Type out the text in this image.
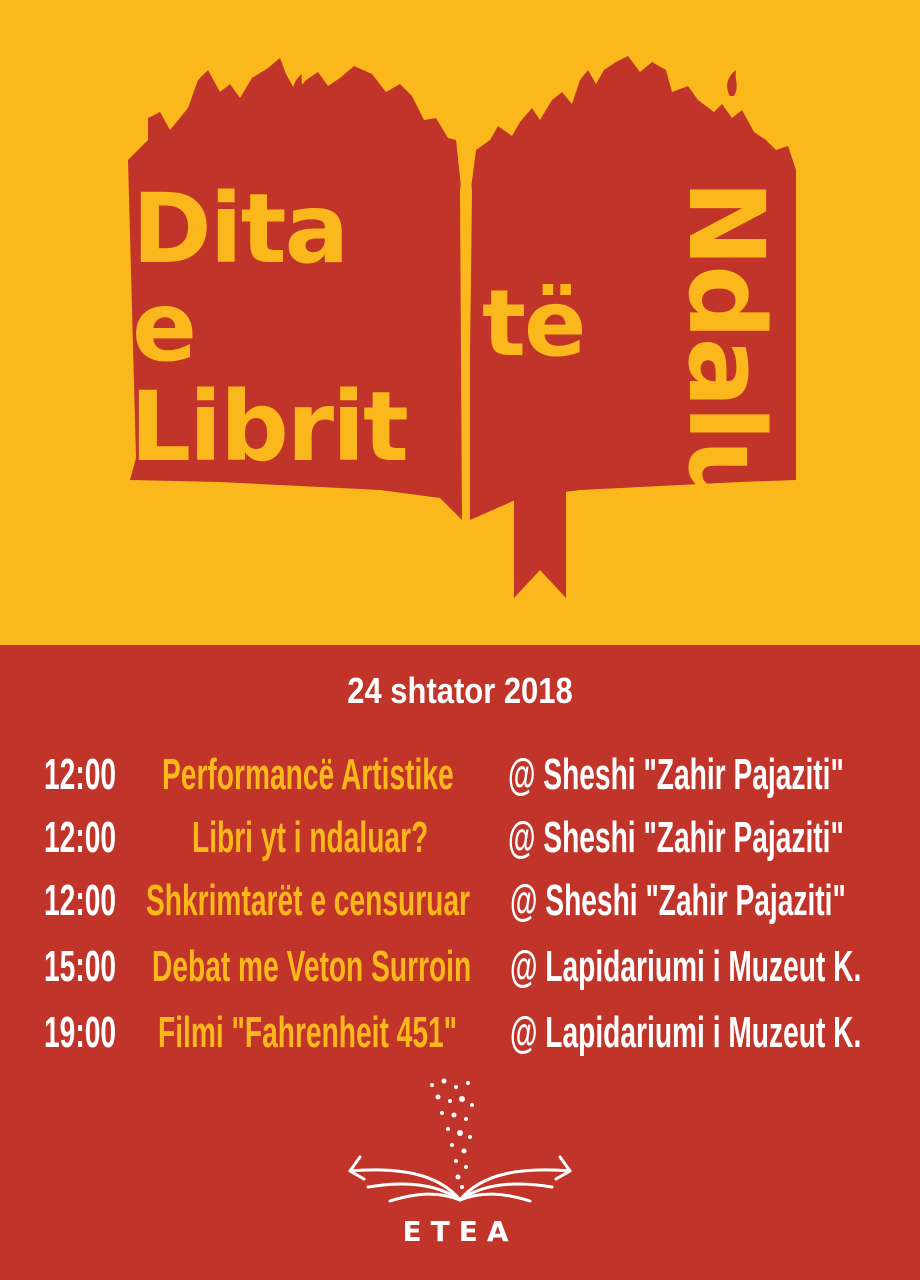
Dita
e
Librit
të Ndaluar
24 shtator 2018
12:00 Performancë Artistike @ Sheshi "Zahir Pajaziti"
12:00 Libri yt i ndaluar? @ Sheshi "Zahir Pajaziti"
12:00 Shkrimtarët e censuruar @ Sheshi "Zahir Pajaziti"
15:00 Debat me Veton Surroin @ Lapidariumi i Muzeut K.
19:00 Filmi "Fahrenheit 451" @ Lapidariumi i Muzeut K.
ETEA
